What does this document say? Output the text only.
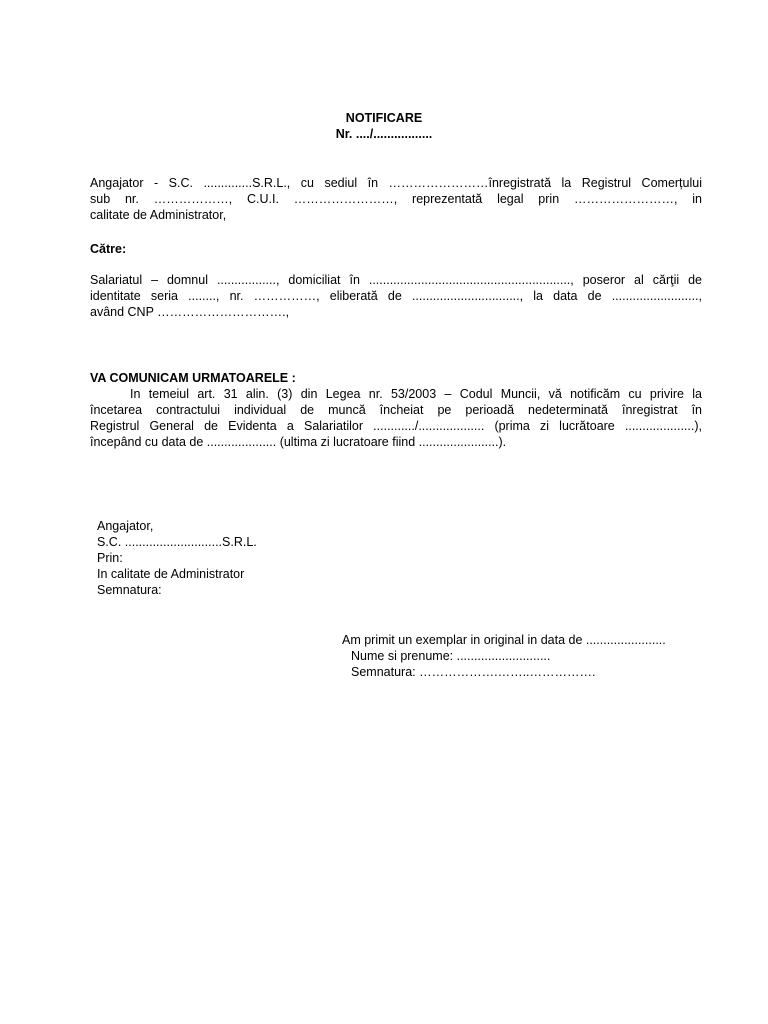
NOTIFICARE
Nr. ..../.................
Angajator - S.C. ..............S.R.L., cu sediul în ……………………înregistrată la Registrul Comerțului
sub nr. ………………, C.U.I. ……………………, reprezentată legal prin ……………………, in
calitate de Administrator,
Către:
Salariatul – domnul ................., domiciliat în .........................................................., poseror al cărţii de
identitate seria ........, nr. ……………, eliberată de ..............................., la data de .........................,
având CNP ………………………….,
VA COMUNICAM URMATOARELE :
In temeiul art. 31 alin. (3) din Legea nr. 53/2003 – Codul Muncii, vă notificăm cu privire la
încetarea contractului individual de muncă încheiat pe perioadă nedeterminată înregistrat în
Registrul General de Evidenta a Salariatilor ............/................... (prima zi lucrătoare ....................),
începând cu data de .................... (ultima zi lucratoare fiind .......................).
Angajator,
S.C. ............................S.R.L.
Prin:
In calitate de Administrator
Semnatura:
Am primit un exemplar in original in data de .......................
Nume si prenume: ...........................
Semnatura: ……………….……..…………….
